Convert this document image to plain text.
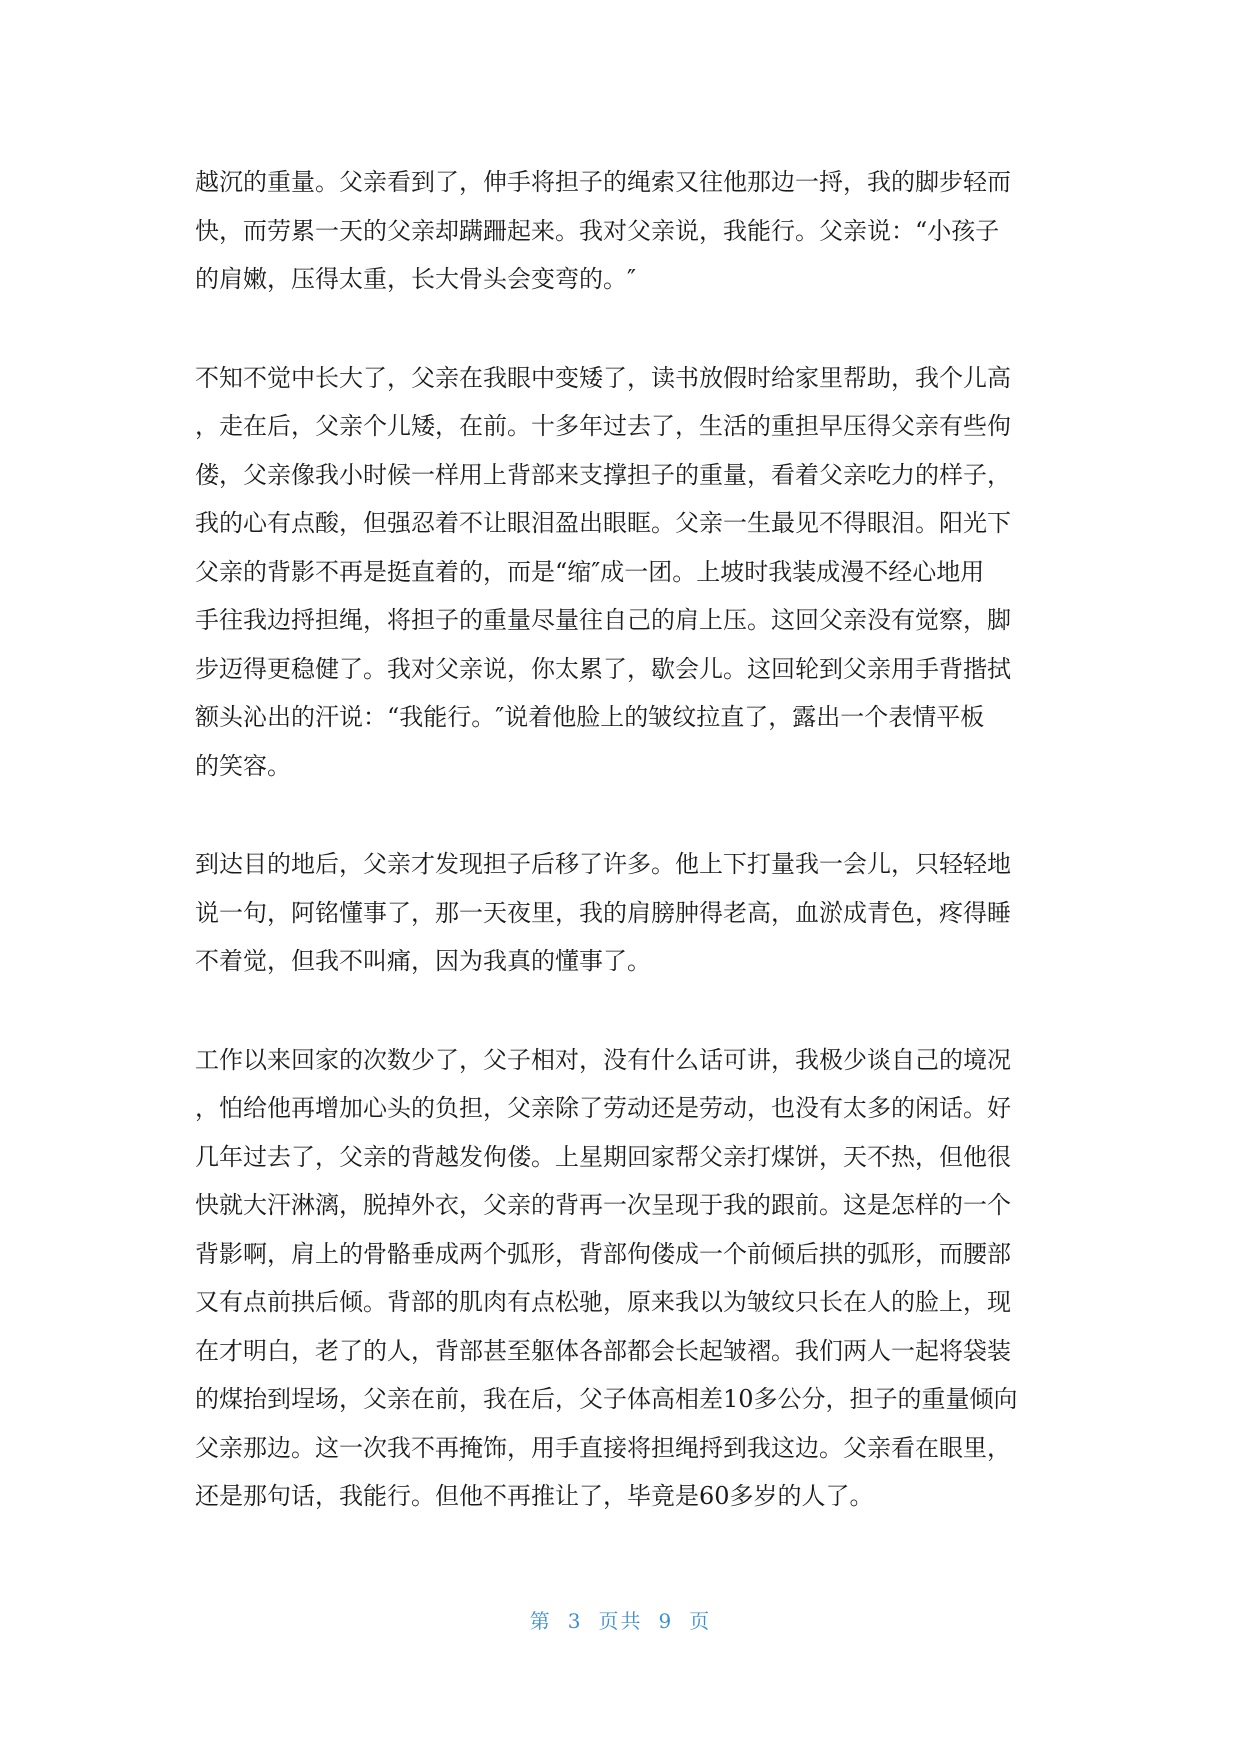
越沉的重量。父亲看到了，伸手将担子的绳索又往他那边一捋，我的脚步轻而
快，而劳累一天的父亲却蹒跚起来。我对父亲说，我能行。父亲说：“小孩子
的肩嫩，压得太重，长大骨头会变弯的。″

不知不觉中长大了，父亲在我眼中变矮了，读书放假时给家里帮助，我个儿高
，走在后，父亲个儿矮，在前。十多年过去了，生活的重担早压得父亲有些佝
偻，父亲像我小时候一样用上背部来支撑担子的重量，看着父亲吃力的样子，
我的心有点酸，但强忍着不让眼泪盈出眼眶。父亲一生最见不得眼泪。阳光下
父亲的背影不再是挺直着的，而是“缩″成一团。上坡时我装成漫不经心地用
手往我边捋担绳，将担子的重量尽量往自己的肩上压。这回父亲没有觉察，脚
步迈得更稳健了。我对父亲说，你太累了，歇会儿。这回轮到父亲用手背揩拭
额头沁出的汗说：“我能行。″说着他脸上的皱纹拉直了，露出一个表情平板
的笑容。

到达目的地后，父亲才发现担子后移了许多。他上下打量我一会儿，只轻轻地
说一句，阿铭懂事了，那一天夜里，我的肩膀肿得老高，血淤成青色，疼得睡
不着觉，但我不叫痛，因为我真的懂事了。

工作以来回家的次数少了，父子相对，没有什么话可讲，我极少谈自己的境况
，怕给他再增加心头的负担，父亲除了劳动还是劳动，也没有太多的闲话。好
几年过去了，父亲的背越发佝偻。上星期回家帮父亲打煤饼，天不热，但他很
快就大汗淋漓，脱掉外衣，父亲的背再一次呈现于我的跟前。这是怎样的一个
背影啊，肩上的骨骼垂成两个弧形，背部佝偻成一个前倾后拱的弧形，而腰部
又有点前拱后倾。背部的肌肉有点松驰，原来我以为皱纹只长在人的脸上，现
在才明白，老了的人，背部甚至躯体各部都会长起皱褶。我们两人一起将袋装
的煤抬到埕场，父亲在前，我在后，父子体高相差10多公分，担子的重量倾向
父亲那边。这一次我不再掩饰，用手直接将担绳捋到我这边。父亲看在眼里，
还是那句话，我能行。但他不再推让了，毕竟是60多岁的人了。

第 3 页共 9 页
